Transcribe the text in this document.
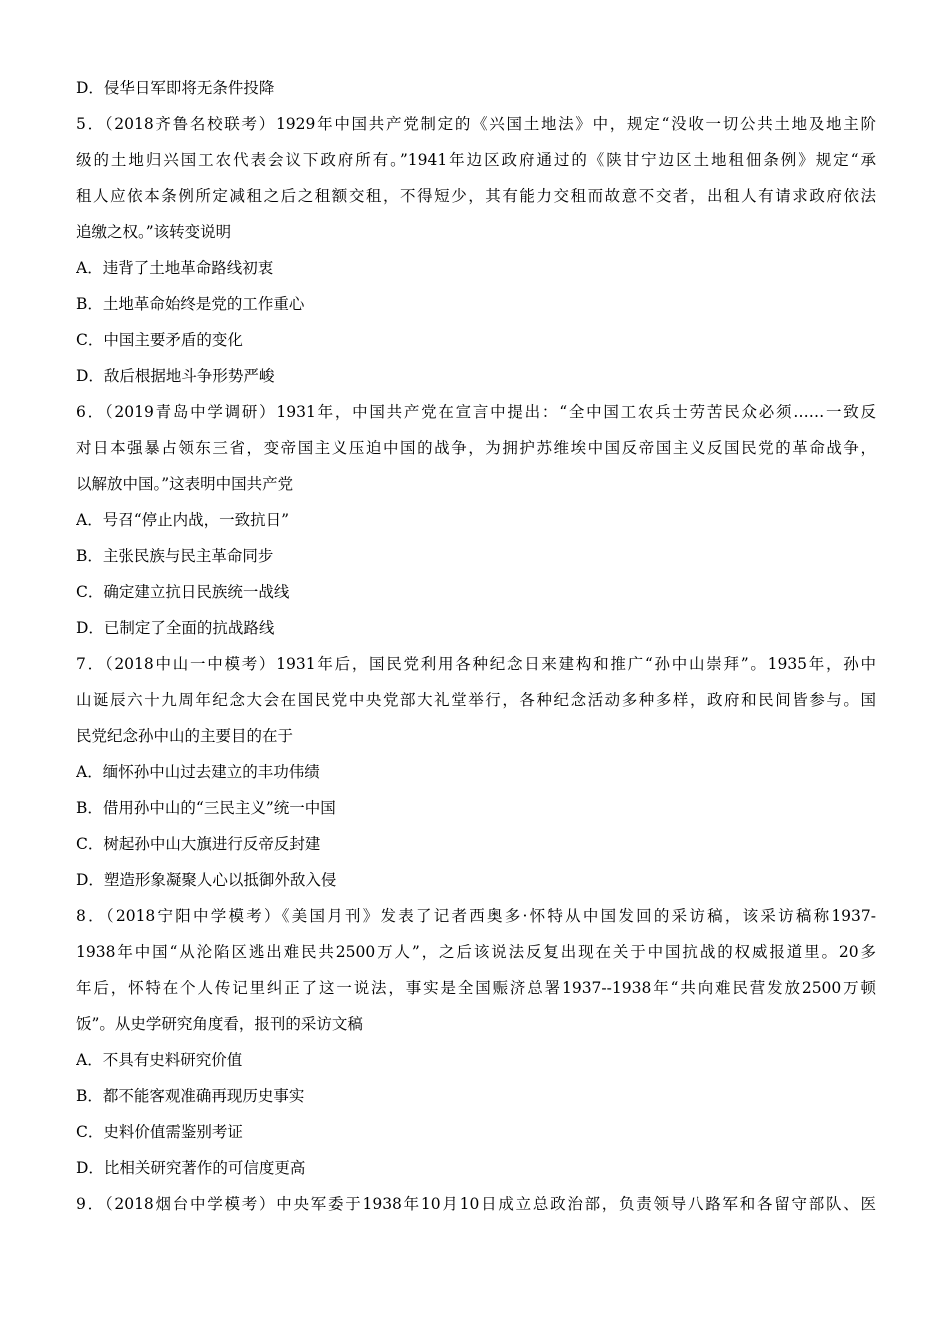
D．侵华日军即将无条件投降
5．（2018齐鲁名校联考）1929年中国共产党制定的《兴国土地法》中，规定“没收一切公共土地及地主阶
级的土地归兴国工农代表会议下政府所有。”1941年边区政府通过的《陕甘宁边区土地租佃条例》规定“承
租人应依本条例所定减租之后之租额交租，不得短少，其有能力交租而故意不交者，出租人有请求政府依法
追缴之权。”该转变说明
A．违背了土地革命路线初衷
B．土地革命始终是党的工作重心
C．中国主要矛盾的变化
D．敌后根据地斗争形势严峻
6．（2019青岛中学调研）1931年，中国共产党在宣言中提出：“全中国工农兵士劳苦民众必须……一致反
对日本强暴占领东三省，变帝国主义压迫中国的战争，为拥护苏维埃中国反帝国主义反国民党的革命战争，
以解放中国。”这表明中国共产党
A．号召“停止内战，一致抗日”
B．主张民族与民主革命同步
C．确定建立抗日民族统一战线
D．已制定了全面的抗战路线
7．（2018中山一中模考）1931年后，国民党利用各种纪念日来建构和推广“孙中山崇拜”。1935年，孙中
山诞辰六十九周年纪念大会在国民党中央党部大礼堂举行，各种纪念活动多种多样，政府和民间皆参与。国
民党纪念孙中山的主要目的在于
A．缅怀孙中山过去建立的丰功伟绩
B．借用孙中山的“三民主义”统一中国
C．树起孙中山大旗进行反帝反封建
D．塑造形象凝聚人心以抵御外敌入侵
8．（2018宁阳中学模考）《美国月刊》发表了记者西奥多·怀特从中国发回的采访稿，该采访稿称1937-
1938年中国“从沦陷区逃出难民共2500万人”，之后该说法反复出现在关于中国抗战的权威报道里。20多
年后，怀特在个人传记里纠正了这一说法，事实是全国赈济总署1937--1938年“共向难民营发放2500万顿
饭”。从史学研究角度看，报刊的采访文稿
A．不具有史料研究价值
B．都不能客观准确再现历史事实
C．史料价值需鉴别考证
D．比相关研究著作的可信度更高
9．（2018烟台中学模考）中央军委于1938年10月10日成立总政治部，负责领导八路军和各留守部队、医
